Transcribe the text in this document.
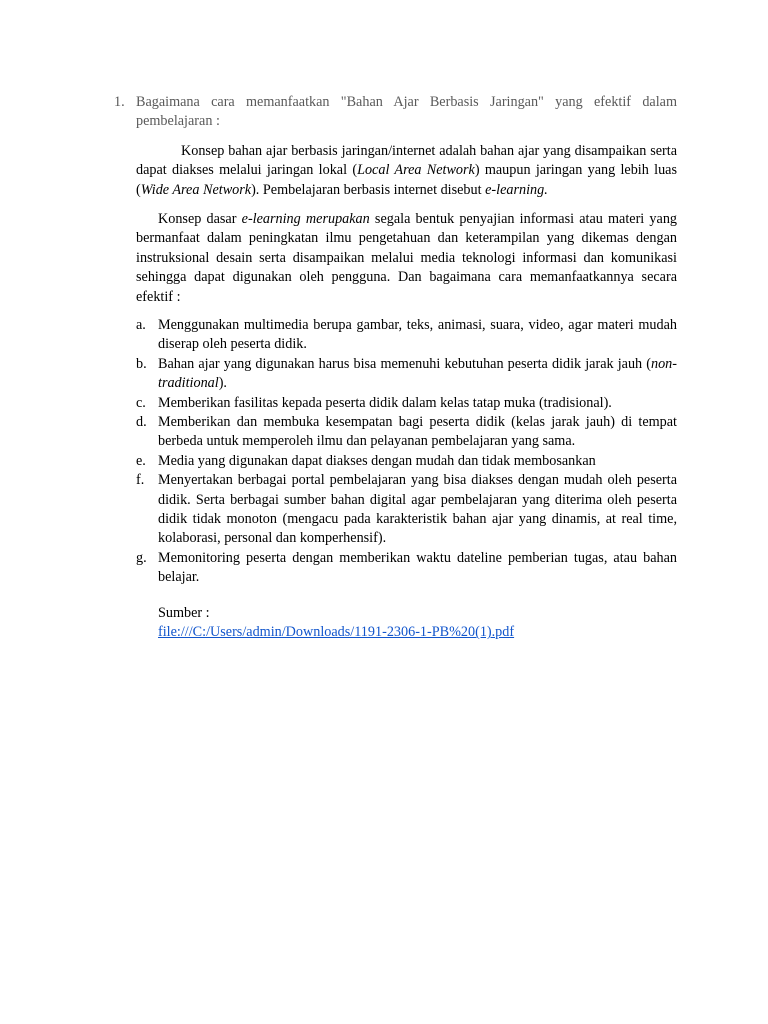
1. Bagaimana cara memanfaatkan "Bahan Ajar Berbasis Jaringan" yang efektif dalam pembelajaran :
Konsep bahan ajar berbasis jaringan/internet adalah bahan ajar yang disampaikan serta dapat diakses melalui jaringan lokal (Local Area Network) maupun jaringan yang lebih luas (Wide Area Network). Pembelajaran berbasis internet disebut e-learning.
Konsep dasar e-learning merupakan segala bentuk penyajian informasi atau materi yang bermanfaat dalam peningkatan ilmu pengetahuan dan keterampilan yang dikemas dengan instruksional desain serta disampaikan melalui media teknologi informasi dan komunikasi sehingga dapat digunakan oleh pengguna. Dan bagaimana cara memanfaatkannya secara efektif :
a. Menggunakan multimedia berupa gambar, teks, animasi, suara, video, agar materi mudah diserap oleh peserta didik.
b. Bahan ajar yang digunakan harus bisa memenuhi kebutuhan peserta didik jarak jauh (non-traditional).
c. Memberikan fasilitas kepada peserta didik dalam kelas tatap muka (tradisional).
d. Memberikan dan membuka kesempatan bagi peserta didik (kelas jarak jauh) di tempat berbeda untuk memperoleh ilmu dan pelayanan pembelajaran yang sama.
e. Media yang digunakan dapat diakses dengan mudah dan tidak membosankan
f. Menyertakan berbagai portal pembelajaran yang bisa diakses dengan mudah oleh peserta didik. Serta berbagai sumber bahan digital agar pembelajaran yang diterima oleh peserta didik tidak monoton (mengacu pada karakteristik bahan ajar yang dinamis, at real time, kolaborasi, personal dan komperhensif).
g. Memonitoring peserta dengan memberikan waktu dateline pemberian tugas, atau bahan belajar.
Sumber :
file:///C:/Users/admin/Downloads/1191-2306-1-PB%20(1).pdf
